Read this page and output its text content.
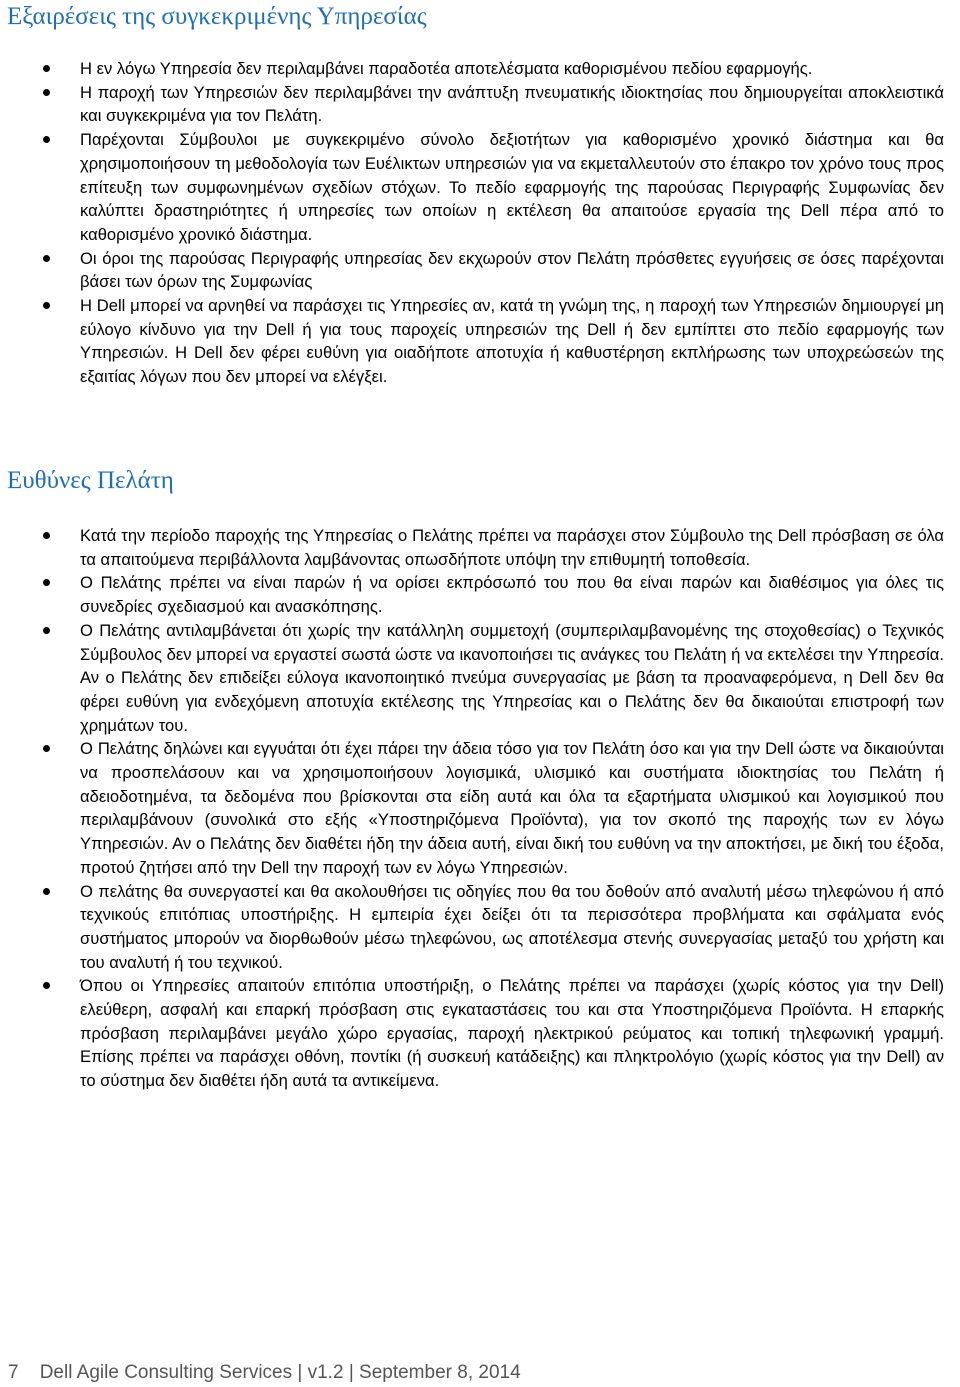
Εξαιρέσεις της συγκεκριμένης Υπηρεσίας
Η εν λόγω Υπηρεσία δεν περιλαμβάνει παραδοτέα αποτελέσματα καθορισμένου πεδίου εφαρμογής.
Η παροχή των Υπηρεσιών δεν περιλαμβάνει την ανάπτυξη πνευματικής ιδιοκτησίας που δημιουργείται αποκλειστικά και συγκεκριμένα για τον Πελάτη.
Παρέχονται Σύμβουλοι με συγκεκριμένο σύνολο δεξιοτήτων για καθορισμένο χρονικό διάστημα και θα χρησιμοποιήσουν τη μεθοδολογία των Ευέλικτων υπηρεσιών για να εκμεταλλευτούν στο έπακρο τον χρόνο τους προς επίτευξη των συμφωνημένων σχεδίων στόχων. Το πεδίο εφαρμογής της παρούσας Περιγραφής Συμφωνίας δεν καλύπτει δραστηριότητες ή υπηρεσίες των οποίων η εκτέλεση θα απαιτούσε εργασία της Dell πέρα από το καθορισμένο χρονικό διάστημα.
Οι όροι της παρούσας Περιγραφής υπηρεσίας δεν εκχωρούν στον Πελάτη πρόσθετες εγγυήσεις σε όσες παρέχονται βάσει των όρων της Συμφωνίας
Η Dell μπορεί να αρνηθεί να παράσχει τις Υπηρεσίες αν, κατά τη γνώμη της, η παροχή των Υπηρεσιών δημιουργεί μη εύλογο κίνδυνο για την Dell ή για τους παροχείς υπηρεσιών της Dell ή δεν εμπίπτει στο πεδίο εφαρμογής των Υπηρεσιών. Η Dell δεν φέρει ευθύνη για οιαδήποτε αποτυχία ή καθυστέρηση εκπλήρωσης των υποχρεώσεών της εξαιτίας λόγων που δεν μπορεί να ελέγξει.
Ευθύνες Πελάτη
Κατά την περίοδο παροχής της Υπηρεσίας ο Πελάτης πρέπει να παράσχει στον Σύμβουλο της Dell πρόσβαση σε όλα τα απαιτούμενα περιβάλλοντα λαμβάνοντας οπωσδήποτε υπόψη την επιθυμητή τοποθεσία.
Ο Πελάτης πρέπει να είναι παρών ή να ορίσει εκπρόσωπό του που θα είναι παρών και διαθέσιμος για όλες τις συνεδρίες σχεδιασμού και ανασκόπησης.
Ο Πελάτης αντιλαμβάνεται ότι χωρίς την κατάλληλη συμμετοχή (συμπεριλαμβανομένης της στοχοθεσίας) ο Τεχνικός Σύμβουλος δεν μπορεί να εργαστεί σωστά ώστε να ικανοποιήσει τις ανάγκες του Πελάτη ή να εκτελέσει την Υπηρεσία. Αν ο Πελάτης δεν επιδείξει εύλογα ικανοποιητικό πνεύμα συνεργασίας με βάση τα προαναφερόμενα, η Dell δεν θα φέρει ευθύνη για ενδεχόμενη αποτυχία εκτέλεσης της Υπηρεσίας και ο Πελάτης δεν θα δικαιούται επιστροφή των χρημάτων του.
Ο Πελάτης δηλώνει και εγγυάται ότι έχει πάρει την άδεια τόσο για τον Πελάτη όσο και για την Dell ώστε να δικαιούνται να προσπελάσουν και να χρησιμοποιήσουν λογισμικά, υλισμικό και συστήματα ιδιοκτησίας του Πελάτη ή αδειοδοτημένα, τα δεδομένα που βρίσκονται στα είδη αυτά και όλα τα εξαρτήματα υλισμικού και λογισμικού που περιλαμβάνουν (συνολικά στο εξής «Υποστηριζόμενα Προϊόντα), για τον σκοπό της παροχής των εν λόγω Υπηρεσιών. Αν ο Πελάτης δεν διαθέτει ήδη την άδεια αυτή, είναι δική του ευθύνη να την αποκτήσει, με δική του έξοδα, προτού ζητήσει από την Dell την παροχή των εν λόγω Υπηρεσιών.
Ο πελάτης θα συνεργαστεί και θα ακολουθήσει τις οδηγίες που θα του δοθούν από αναλυτή μέσω τηλεφώνου ή από τεχνικούς επιτόπιας υποστήριξης. Η εμπειρία έχει δείξει ότι τα περισσότερα προβλήματα και σφάλματα ενός συστήματος μπορούν να διορθωθούν μέσω τηλεφώνου, ως αποτέλεσμα στενής συνεργασίας μεταξύ του χρήστη και του αναλυτή ή του τεχνικού.
Όπου οι Υπηρεσίες απαιτούν επιτόπια υποστήριξη, ο Πελάτης πρέπει να παράσχει (χωρίς κόστος για την Dell) ελεύθερη, ασφαλή και επαρκή πρόσβαση στις εγκαταστάσεις του και στα Υποστηριζόμενα Προϊόντα. Η επαρκής πρόσβαση περιλαμβάνει μεγάλο χώρο εργασίας, παροχή ηλεκτρικού ρεύματος και τοπική τηλεφωνική γραμμή. Επίσης πρέπει να παράσχει οθόνη, ποντίκι (ή συσκευή κατάδειξης) και πληκτρολόγιο (χωρίς κόστος για την Dell) αν το σύστημα δεν διαθέτει ήδη αυτά τα αντικείμενα.
7 Dell Agile Consulting Services | v1.2 | September 8, 2014
